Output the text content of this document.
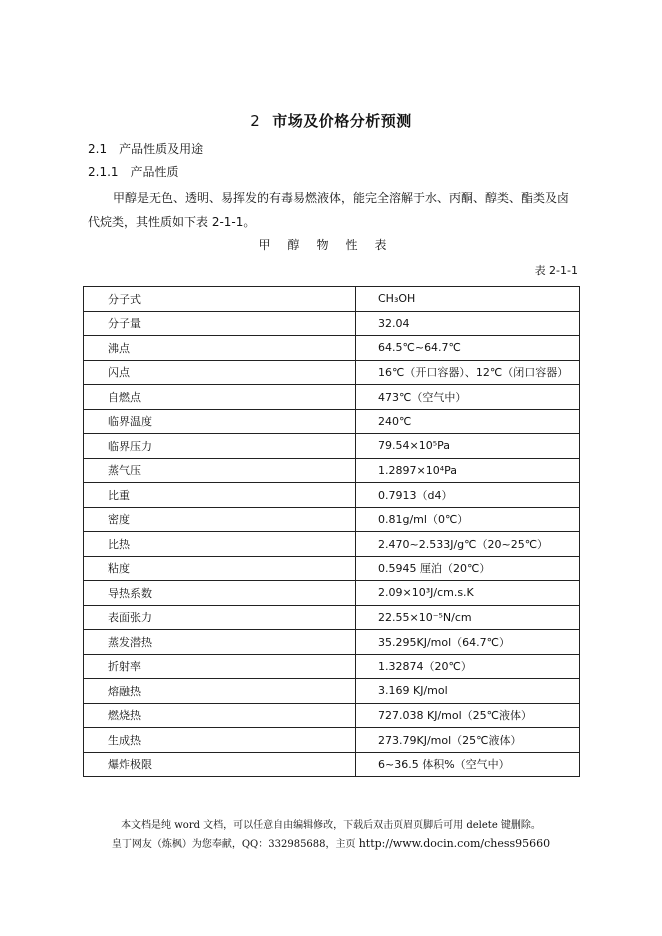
2 市场及价格分析预测
2.1　产品性质及用途
2.1.1　产品性质
甲醇是无色、透明、易挥发的有毒易燃液体，能完全溶解于水、丙酮、醇类、酯类及卤代烷类，其性质如下表 2-1-1。
甲醇物性表
表 2-1-1
分子式	CH₃OH
分子量	32.04
沸点	64.5℃~64.7℃
闪点	16℃（开口容器）、12℃（闭口容器）
自燃点	473℃（空气中）
临界温度	240℃
临界压力	79.54×10⁵Pa
蒸气压	1.2897×10⁴Pa
比重	0.7913（d4）
密度	0.81g/ml（0℃）
比热	2.470~2.533J/g℃（20~25℃）
粘度	0.5945 厘泊（20℃）
导热系数	2.09×10³J/cm.s.K
表面张力	22.55×10⁻⁵N/cm
蒸发潜热	35.295KJ/mol（64.7℃）
折射率	1.32874（20℃）
熔融热	3.169 KJ/mol
燃烧热	727.038 KJ/mol（25℃液体）
生成热	273.79KJ/mol（25℃液体）
爆炸极限	6~36.5 体积%（空气中）
本文档是纯 word 文档，可以任意自由编辑修改，下载后双击页眉页脚后可用 delete 键删除。
皇丁网友（炼枫）为您奉献，QQ：332985688，主页 http://www.docin.com/chess95660
